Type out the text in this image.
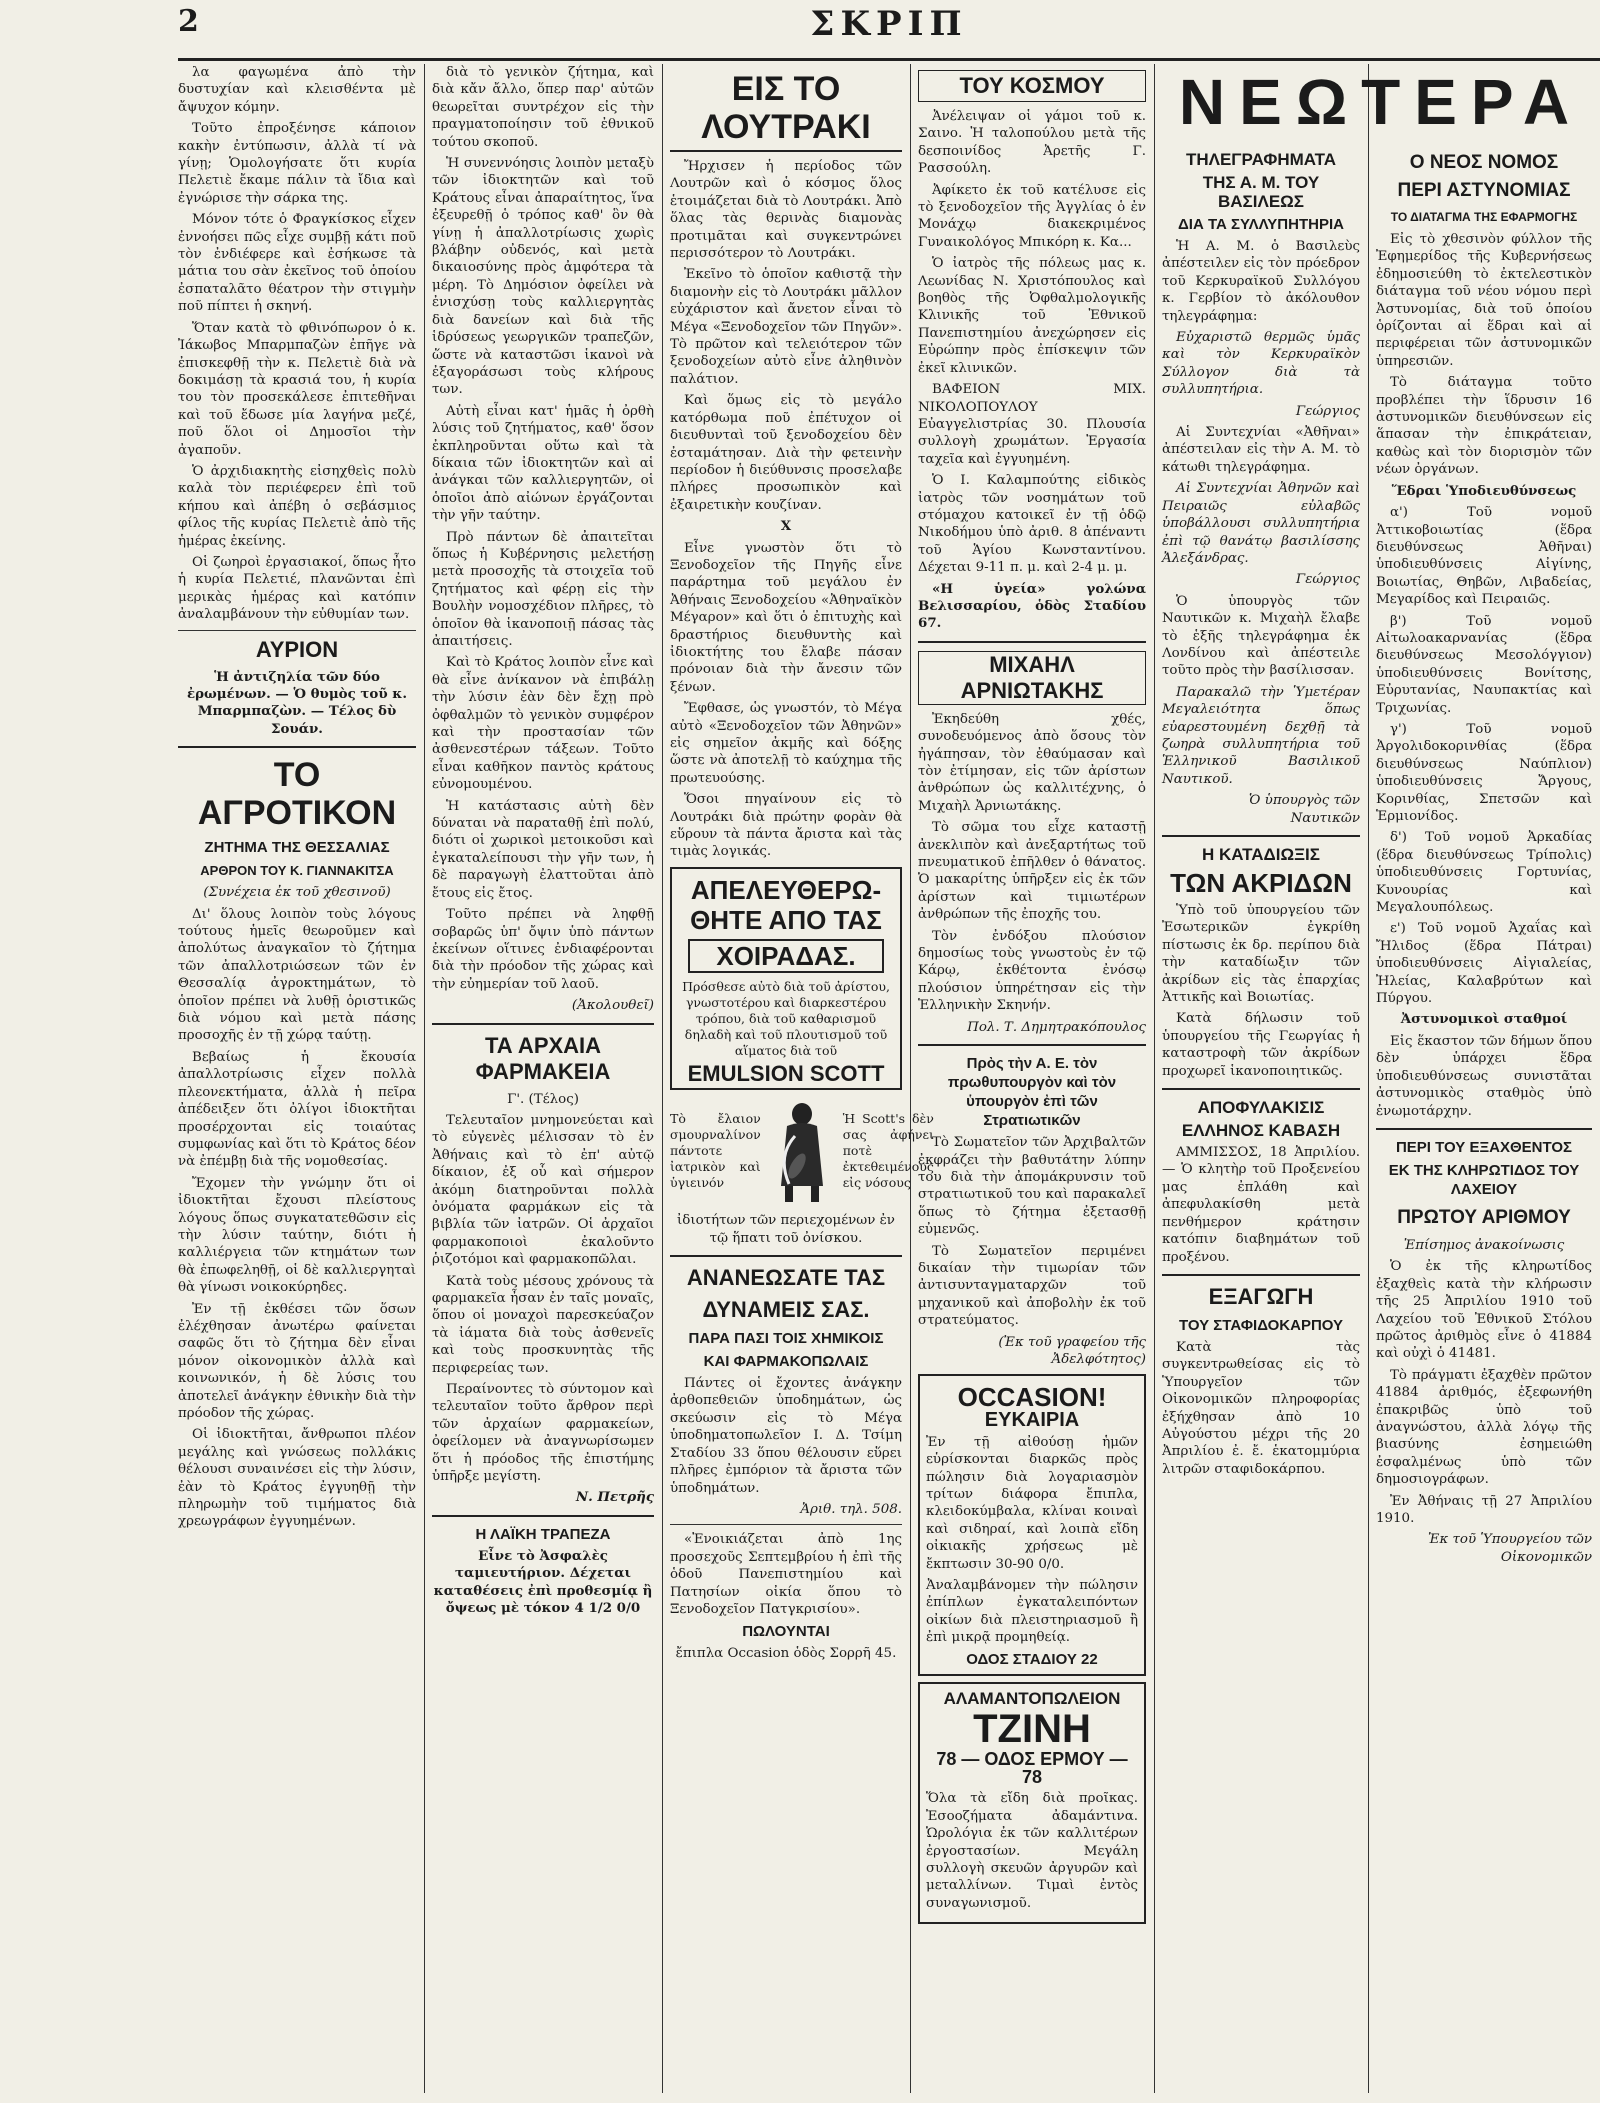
2	ΣΚΡΙΠ

λα φαγωμένα ἀπὸ τὴν δυστυχίαν καὶ κλεισθέντα μὲ ἄψυχον κόμην.

Τοῦτο ἐπροξένησε κάποιον κακὴν ἐντύπωσιν, ἀλλὰ τί νὰ γίνῃ; Ὁμολογήσατε ὅτι κυρία Πελετιὲ ἔκαμε πάλιν τὰ ἴδια καὶ ἐγνώρισε τὴν σάρκα της.

Μόνον τότε ὁ Φραγκίσκος εἶχεν ἐννοήσει πῶς εἶχε συμβῇ κάτι ποῦ τὸν ἐνδιέφερε καὶ ἐσήκωσε τὰ μάτια του σὰν ἐκεῖνος τοῦ ὁποίου ἐσπαταλᾶτο θέατρον τὴν στιγμὴν ποῦ πίπτει ἡ σκηνή.

Ὅταν κατὰ τὸ φθινόπωρον ὁ κ. Ἰάκωβος Μπαρμπαζὼν ἐπῆγε νὰ ἐπισκεφθῇ τὴν κ. Πελετιὲ διὰ νὰ δοκιμάσῃ τὰ κρασιά του, ἡ κυρία του τὸν προσεκάλεσε ἐπιτεθῆναι καὶ τοῦ ἔδωσε μία λαγήνα μεζέ, ποῦ ὅλοι οἱ Δημοσῖοι τὴν ἀγαποῦν.

Ὁ ἀρχιδιακητὴς εἰσηχθεὶς πολὺ καλὰ τὸν περιέφερεν ἐπὶ τοῦ κήπου καὶ ἀπέβη ὁ σεβάσμιος φίλος τῆς κυρίας Πελετιὲ ἀπὸ τῆς ἡμέρας ἐκείνης.

Οἱ ζωηροὶ ἐργασιακοί, ὅπως ἦτο ἡ κυρία Πελετιέ, πλανῶνται ἐπὶ μερικὰς ἡμέρας καὶ κατόπιν ἀναλαμβάνουν τὴν εὐθυμίαν των.

ΑΥΡΙΟΝ

Ἡ ἀντιζηλία τῶν δύο ἐρωμένων. — Ὁ θυμὸς τοῦ κ. Μπαρμπαζὼν. — Τέλος δὺ Σουάν.

ΤΟ ΑΓΡΟΤΙΚΟΝ
ΖΗΤΗΜΑ ΤΗΣ ΘΕΣΣΑΛΙΑΣ
ΑΡΘΡΟΝ ΤΟΥ Κ. ΓΙΑΝΝΑΚΙΤΣΑ

(Συνέχεια ἐκ τοῦ χθεσινοῦ)

Δι' ὅλους λοιπὸν τοὺς λόγους τούτους ἡμεῖς θεωροῦμεν καὶ ἀπολύτως ἀναγκαῖον τὸ ζήτημα τῶν ἀπαλλοτριώσεων τῶν ἐν Θεσσαλίᾳ ἀγροκτημάτων, τὸ ὁποῖον πρέπει νὰ λυθῇ ὁριστικῶς διὰ νόμου καὶ μετὰ πάσης προσοχῆς ἐν τῇ χώρᾳ ταύτῃ.

Βεβαίως ἡ ἔκουσία ἀπαλλοτρίωσις εἶχεν πολλὰ πλεονεκτήματα, ἀλλὰ ἡ πεῖρα ἀπέδειξεν ὅτι ὀλίγοι ἰδιοκτῆται προσέρχονται εἰς τοιαύτας συμφωνίας καὶ ὅτι τὸ Κράτος δέον νὰ ἐπέμβῃ διὰ τῆς νομοθεσίας.

Ἔχομεν τὴν γνώμην ὅτι οἱ ἰδιοκτῆται ἔχουσι πλείστους λόγους ὅπως συγκατατεθῶσιν εἰς τὴν λύσιν ταύτην, διότι ἡ καλλιέργεια τῶν κτημάτων των θὰ ἐπωφεληθῇ, οἱ δὲ καλλιεργηταὶ θὰ γίνωσι νοικοκύρηδες.

Ἐν τῇ ἐκθέσει τῶν ὅσων ἐλέχθησαν ἀνωτέρω φαίνεται σαφῶς ὅτι τὸ ζήτημα δὲν εἶναι μόνον οἰκονομικὸν ἀλλὰ καὶ κοινωνικόν, ἡ δὲ λύσις του ἀποτελεῖ ἀνάγκην ἐθνικὴν διὰ τὴν πρόοδον τῆς χώρας.

Οἱ ἰδιοκτῆται, ἄνθρωποι πλέον μεγάλης καὶ γνώσεως πολλάκις θέλουσι συναινέσει εἰς τὴν λύσιν, ἐὰν τὸ Κράτος ἐγγυηθῇ τὴν πληρωμὴν τοῦ τιμήματος διὰ χρεωγράφων ἐγγυημένων.

διὰ τὸ γενικὸν ζήτημα, καὶ διὰ κἄν ἄλλο, ὅπερ παρ' αὐτῶν θεωρεῖται συντρέχον εἰς τὴν πραγματοποίησιν τοῦ ἐθνικοῦ τούτου σκοποῦ.

Ἡ συνεννόησις λοιπὸν μεταξὺ τῶν ἰδιοκτητῶν καὶ τοῦ Κράτους εἶναι ἀπαραίτητος, ἵνα ἐξευρεθῇ ὁ τρόπος καθ' ὃν θὰ γίνῃ ἡ ἀπαλλοτρίωσις χωρὶς βλάβην οὐδενός, καὶ μετὰ δικαιοσύνης πρὸς ἀμφότερα τὰ μέρη. Τὸ Δημόσιον ὀφείλει νὰ ἐνισχύσῃ τοὺς καλλιεργητὰς διὰ δανείων καὶ διὰ τῆς ἱδρύσεως γεωργικῶν τραπεζῶν, ὥστε νὰ καταστῶσι ἱκανοὶ νὰ ἐξαγοράσωσι τοὺς κλήρους των.

Αὐτὴ εἶναι κατ' ἡμᾶς ἡ ὀρθὴ λύσις τοῦ ζητήματος, καθ' ὅσον ἐκπληροῦνται οὕτω καὶ τὰ δίκαια τῶν ἰδιοκτητῶν καὶ αἱ ἀνάγκαι τῶν καλλιεργητῶν, οἱ ὁποῖοι ἀπὸ αἰώνων ἐργάζονται τὴν γῆν ταύτην.

Πρὸ πάντων δὲ ἀπαιτεῖται ὅπως ἡ Κυβέρνησις μελετήσῃ μετὰ προσοχῆς τὰ στοιχεῖα τοῦ ζητήματος καὶ φέρῃ εἰς τὴν Βουλὴν νομοσχέδιον πλῆρες, τὸ ὁποῖον θὰ ἱκανοποιῇ πάσας τὰς ἀπαιτήσεις.

Καὶ τὸ Κράτος λοιπὸν εἶνε καὶ θὰ εἶνε ἀνίκανον νὰ ἐπιβάλῃ τὴν λύσιν ἐὰν δὲν ἔχῃ πρὸ ὀφθαλμῶν τὸ γενικὸν συμφέρον καὶ τὴν προστασίαν τῶν ἀσθενεστέρων τάξεων. Τοῦτο εἶναι καθῆκον παντὸς κράτους εὐνομουμένου.

Ἡ κατάστασις αὐτὴ δὲν δύναται νὰ παραταθῇ ἐπὶ πολύ, διότι οἱ χωρικοὶ μετοικοῦσι καὶ ἐγκαταλείπουσι τὴν γῆν των, ἡ δὲ παραγωγὴ ἐλαττοῦται ἀπὸ ἔτους εἰς ἔτος.

Τοῦτο πρέπει νὰ ληφθῇ σοβαρῶς ὑπ' ὄψιν ὑπὸ πάντων ἐκείνων οἵτινες ἐνδιαφέρονται διὰ τὴν πρόοδον τῆς χώρας καὶ τὴν εὐημερίαν τοῦ λαοῦ.

(Ἀκολουθεῖ)

ΤΑ ΑΡΧΑΙΑ ΦΑΡΜΑΚΕΙΑ

Γ'. (Τέλος)

Τελευταῖον μνημονεύεται καὶ τὸ εὐγενὲς μέλισσαν τὸ ἐν Ἀθήναις καὶ τὸ ἐπ' αὐτῷ δίκαιον, ἐξ οὗ καὶ σήμερον ἀκόμη διατηροῦνται πολλὰ ὀνόματα φαρμάκων εἰς τὰ βιβλία τῶν ἰατρῶν. Οἱ ἀρχαῖοι φαρμακοποιοὶ ἐκαλοῦντο ῥιζοτόμοι καὶ φαρμακοπῶλαι.

Κατὰ τοὺς μέσους χρόνους τὰ φαρμακεῖα ἦσαν ἐν ταῖς μοναῖς, ὅπου οἱ μοναχοὶ παρεσκεύαζον τὰ ἰάματα διὰ τοὺς ἀσθενεῖς καὶ τοὺς προσκυνητὰς τῆς περιφερείας των.

Περαίνοντες τὸ σύντομον καὶ τελευταῖον τοῦτο ἄρθρον περὶ τῶν ἀρχαίων φαρμακείων, ὀφείλομεν νὰ ἀναγνωρίσωμεν ὅτι ἡ πρόοδος τῆς ἐπιστήμης ὑπῆρξε μεγίστη.

Ν. Πετρῆς

Η ΛΑΪΚΗ ΤΡΑΠΕΖΑ

Εἶνε τὸ Ἀσφαλὲς ταμιευτήριον. Δέχεται καταθέσεις ἐπὶ προθεσμίᾳ ἢ ὄψεως μὲ τόκον 4 1/2 0/0

ΕΙΣ ΤΟ ΛΟΥΤΡΑΚΙ

Ἤρχισεν ἡ περίοδος τῶν Λουτρῶν καὶ ὁ κόσμος ὅλος ἑτοιμάζεται διὰ τὸ Λουτράκι. Ἀπὸ ὅλας τὰς θερινὰς διαμονὰς προτιμᾶται καὶ συγκεντρώνει περισσότερον τὸ Λουτράκι.

Ἐκεῖνο τὸ ὁποῖον καθιστᾷ τὴν διαμονὴν εἰς τὸ Λουτράκι μᾶλλον εὐχάριστον καὶ ἄνετον εἶναι τὸ Μέγα «Ξενοδοχεῖον τῶν Πηγῶν». Τὸ πρῶτον καὶ τελειότερον τῶν ξενοδοχείων αὐτὸ εἶνε ἀληθινὸν παλάτιον.

Καὶ ὅμως εἰς τὸ μεγάλο κατόρθωμα ποῦ ἐπέτυχον οἱ διευθυνταὶ τοῦ ξενοδοχείου δὲν ἐσταμάτησαν. Διὰ τὴν φετεινὴν περίοδον ἡ διεύθυνσις προσελαβε πλήρες προσωπικὸν καὶ ἐξαιρετικὴν κουζίναν.

Χ

Εἶνε γνωστὸν ὅτι τὸ Ξενοδοχεῖον τῆς Πηγῆς εἶνε παράρτημα τοῦ μεγάλου ἐν Ἀθήναις Ξενοδοχείου «Ἀθηναϊκὸν Μέγαρον» καὶ ὅτι ὁ ἐπιτυχὴς καὶ δραστήριος διευθυντὴς καὶ ἰδιοκτήτης του ἔλαβε πάσαν πρόνοιαν διὰ τὴν ἄνεσιν τῶν ξένων.

Ἔφθασε, ὡς γνωστόν, τὸ Μέγα αὐτὸ «Ξενοδοχεῖον τῶν Ἀθηνῶν» εἰς σημεῖον ἀκμῆς καὶ δόξης ὥστε νὰ ἀποτελῇ τὸ καύχημα τῆς πρωτευούσης.

Ὅσοι πηγαίνουν εἰς τὸ Λουτράκι διὰ πρώτην φορὰν θὰ εὕρουν τὰ πάντα ἄριστα καὶ τὰς τιμὰς λογικάς.

ΑΠΕΛΕΥΘΕΡΩ-
ΘΗΤΕ ΑΠΟ ΤΑΣ
ΧΟΙΡΑΔΑΣ.

Πρόσθεσε αὐτὸ διὰ τοῦ ἀρίστου, γνωστοτέρου καὶ διαρκεστέρου τρόπου, διὰ τοῦ καθαρισμοῦ δηλαδὴ καὶ τοῦ πλουτισμοῦ τοῦ αἵματος διὰ τοῦ

EMULSION SCOTT
Τὸ ἔλαιον σμουρναλίνον πάντοτε ἰατρικὸν καὶ ὑγιεινόν
Ἡ Scott's δὲν σας ἀφήνει ποτὲ ἐκτεθειμένους εἰς νόσους

ἰδιοτήτων τῶν περιεχομένων ἐν τῷ ἥπατι τοῦ ὀνίσκου.

ΑΝΑΝΕΩΣΑΤΕ ΤΑΣ
ΔΥΝΑΜΕΙΣ ΣΑΣ.
ΠΑΡΑ ΠΑΣΙ ΤΟΙΣ ΧΗΜΙΚΟΙΣ
ΚΑΙ ΦΑΡΜΑΚΟΠΩΛΑΙΣ

Πάντες οἱ ἔχοντες ἀνάγκην ἀρθοπεθειῶν ὑποδημάτων, ὡς σκεύωσιν εἰς τὸ Μέγα ὑποδηματοπωλεῖον Ι. Δ. Τσίμη Σταδίου 33 ὅπου θέλουσιν εὕρει πλῆρες ἐμπόριον τὰ ἄριστα τῶν ὑποδημάτων.

Ἀριθ. τηλ. 508.

«Ἐνοικιάζεται ἀπὸ 1ης προσεχοῦς Σεπτεμβρίου ἡ ἐπὶ τῆς ὁδοῦ Πανεπιστημίου καὶ Πατησίων οἰκία ὅπου τὸ Ξενοδοχεῖον Πατγκρισίου».

ΠΩΛΟΥΝΤΑΙ

ἔπιπλα Occasion ὁδὸς Σορρῆ 45.

ΤΟΥ ΚΟΣΜΟΥ

Ἀνέλειψαν οἱ γάμοι τοῦ κ. Σαινο. Ἠ ταλοπούλου μετὰ τῆς δεσποινίδος Ἀρετῆς Γ. Ρασσούλη.

Ἀφίκετο ἐκ τοῦ κατέλυσε εἰς τὸ ξενοδοχεῖον τῆς Ἀγγλίας ὁ ἐν Μονάχῳ διακεκριμένος Γυναικολόγος Μπικόρη κ. Κα...

Ὁ ἰατρὸς τῆς πόλεως μας κ. Λεωνίδας Ν. Χριστόπουλος καὶ βοηθὸς τῆς Ὀφθαλμολογικῆς Κλινικῆς τοῦ Ἐθνικοῦ Πανεπιστημίου ἀνεχώρησεν εἰς Εὐρώπην πρὸς ἐπίσκεψιν τῶν ἐκεῖ κλινικῶν.

ΒΑΦΕΙΟΝ ΜΙΧ. ΝΙΚΟΛΟΠΟΥΛΟΥ Εὐαγγελιστρίας 30. Πλουσία συλλογὴ χρωμάτων. Ἐργασία ταχεῖα καὶ ἐγγυημένη.

Ὁ Ι. Καλαμπούτης εἰδικὸς ἰατρὸς τῶν νοσημάτων τοῦ στόμαχου κατοικεῖ ἐν τῇ ὁδῷ Νικοδήμου ὑπὸ ἀριθ. 8 ἀπέναντι τοῦ Ἁγίου Κωνσταντίνου. Δέχεται 9-11 π. μ. καὶ 2-4 μ. μ.

«Η ὑγεία» γολώνα Βελισσαρίου, ὁδὸς Σταδίου 67.

ΜΙΧΑΗΛ ΑΡΝΙΩΤΑΚΗΣ

Ἐκηδεύθη χθές, συνοδευόμενος ἀπὸ ὅσους τὸν ἠγάπησαν, τὸν ἐθαύμασαν καὶ τὸν ἐτίμησαν, εἰς τῶν ἀρίστων ἀνθρώπων ὡς καλλιτέχνης, ὁ Μιχαὴλ Ἀρνιωτάκης.

Τὸ σῶμα του εἶχε καταστῇ ἀνεκλιπὸν καὶ ἀνεξαρτήτως τοῦ πνευματικοῦ ἐπῆλθεν ὁ θάνατος. Ὁ μακαρίτης ὑπῆρξεν εἰς ἐκ τῶν ἀρίστων καὶ τιμιωτέρων ἀνθρώπων τῆς ἐποχῆς του.

Τὸν ἐνδόξου πλούσιον δημοσίως τοὺς γνωστοὺς ἐν τῷ Κάρῳ, ἐκθέτοντα ἐνόσῳ πλούσιον ὑπηρέτησαν εἰς τὴν Ἑλληνικὴν Σκηνήν.

Πολ. Τ. Δημητρακόπουλος

Πρὸς τὴν Α. Ε. τὸν πρωθυπουργὸν καὶ τὸν ὑπουργὸν ἐπὶ τῶν Στρατιωτικῶν

Τὸ Σωματεῖον τῶν Ἀρχιβαλτῶν ἐκφράζει τὴν βαθυτάτην λύπην του διὰ τὴν ἀπομάκρυνσιν τοῦ στρατιωτικοῦ του καὶ παρακαλεῖ ὅπως τὸ ζήτημα ἐξετασθῇ εὐμενῶς.

Τὸ Σωματεῖον περιμένει δικαίαν τὴν τιμωρίαν τῶν ἀντισυνταγματαρχῶν τοῦ μηχανικοῦ καὶ ἀποβολὴν ἐκ τοῦ στρατεύματος.

(Ἐκ τοῦ γραφείου τῆς Ἀδελφότητος)

OCCASION!
ΕΥΚΑΙΡΙΑ

Ἐν τῇ αἰθούσῃ ἡμῶν εὑρίσκονται διαρκῶς πρὸς πώλησιν διὰ λογαριασμὸν τρίτων διάφορα ἔπιπλα, κλειδοκύμβαλα, κλίναι κοιναὶ καὶ σιδηραί, καὶ λοιπὰ εἴδη οἰκιακῆς χρήσεως μὲ ἔκπτωσιν 30-90 0/0.

Ἀναλαμβάνομεν τὴν πώλησιν ἐπίπλων ἐγκαταλειπόντων οἰκίων διὰ πλειστηριασμοῦ ἢ ἐπὶ μικρᾷ προμηθείᾳ.

ΟΔΟΣ ΣΤΑΔΙΟΥ 22
ΑΛΑΜΑΝΤΟΠΩΛΕΙΟΝ
ΤΖΙΝΗ
78 — ΟΔΟΣ ΕΡΜΟΥ — 78

Ὅλα τὰ εἴδη διὰ προῖκας. Ἐσοοζήματα ἀδαμάντινα. Ὡρολόγια ἐκ τῶν καλλιτέρων ἐργοστασίων. Μεγάλη συλλογὴ σκευῶν ἀργυρῶν καὶ μεταλλίνων. Τιμαὶ ἐντὸς συναγωνισμοῦ.

ΝΕΩΤΕΡΑ
ΤΗΛΕΓΡΑΦΗΜΑΤΑ
ΤΗΣ Α. Μ. ΤΟΥ ΒΑΣΙΛΕΩΣ
ΔΙΑ ΤΑ ΣΥΛΛΥΠΗΤΗΡΙΑ

Ἡ Α. Μ. ὁ Βασιλεὺς ἀπέστειλεν εἰς τὸν πρόεδρον τοῦ Κερκυραϊκοῦ Συλλόγου κ. Γερβίον τὸ ἀκόλουθον τηλεγράφημα:

Εὐχαριστῶ θερμῶς ὑμᾶς καὶ τὸν Κερκυραϊκὸν Σύλλογον διὰ τὰ συλλυπητήρια.

Γεώργιος

Αἱ Συντεχνίαι «Ἀθῆναι» ἀπέστειλαν εἰς τὴν Α. Μ. τὸ κάτωθι τηλεγράφημα.

Αἱ Συντεχνίαι Ἀθηνῶν καὶ Πειραιῶς εὐλαβῶς ὑποβάλλουσι συλλυπητήρια ἐπὶ τῷ θανάτῳ βασιλίσσης Ἀλεξάνδρας.

Γεώργιος

Ὁ ὑπουργὸς τῶν Ναυτικῶν κ. Μιχαὴλ ἔλαβε τὸ ἑξῆς τηλεγράφημα ἐκ Λονδίνου καὶ ἀπέστειλε τοῦτο πρὸς τὴν βασίλισσαν.

Παρακαλῶ τὴν Ὑμετέραν Μεγαλειότητα ὅπως εὐαρεστουμένη δεχθῇ τὰ ζωηρὰ συλλυπητήρια τοῦ Ἑλληνικοῦ Βασιλικοῦ Ναυτικοῦ.

Ὁ ὑπουργὸς τῶν Ναυτικῶν

Η ΚΑΤΑΔΙΩΞΙΣ
ΤΩΝ ΑΚΡΙΔΩΝ

Ὑπὸ τοῦ ὑπουργείου τῶν Ἐσωτερικῶν ἐγκρίθη πίστωσις ἐκ δρ. περίπου διὰ τὴν καταδίωξιν τῶν ἀκρίδων εἰς τὰς ἐπαρχίας Ἀττικῆς καὶ Βοιωτίας.

Κατὰ δήλωσιν τοῦ ὑπουργείου τῆς Γεωργίας ἡ καταστροφὴ τῶν ἀκρίδων προχωρεῖ ἱκανοποιητικῶς.

ΑΠΟΦΥΛΑΚΙΣΙΣ
ΕΛΛΗΝΟΣ ΚΑΒΑΣΗ

ΑΜΜΙΣΣΟΣ, 18 Ἀπριλίου. — Ὁ κλητὴρ τοῦ Προξενείου μας ἐπλάθη καὶ ἀπεφυλακίσθη μετὰ πενθήμερον κράτησιν κατόπιν διαβημάτων τοῦ προξένου.

ΕΞΑΓΩΓΗ
ΤΟΥ ΣΤΑΦΙΔΟΚΑΡΠΟΥ

Κατὰ τὰς συγκεντρωθείσας εἰς τὸ Ὑπουργεῖον τῶν Οἰκονομικῶν πληροφορίας ἐξήχθησαν ἀπὸ 10 Αὐγούστου μέχρι τῆς 20 Ἀπριλίου ἐ. ἔ. ἑκατομμύρια λιτρῶν σταφιδοκάρπου.

Ο ΝΕΟΣ ΝΟΜΟΣ
ΠΕΡΙ ΑΣΤΥΝΟΜΙΑΣ
ΤΟ ΔΙΑΤΑΓΜΑ ΤΗΣ ΕΦΑΡΜΟΓΗΣ

Εἰς τὸ χθεσινὸν φύλλον τῆς Ἐφημερίδος τῆς Κυβερνήσεως ἐδημοσιεύθη τὸ ἐκτελεστικὸν διάταγμα τοῦ νέου νόμου περὶ Ἀστυνομίας, διὰ τοῦ ὁποίου ὁρίζονται αἱ ἕδραι καὶ αἱ περιφέρειαι τῶν ἀστυνομικῶν ὑπηρεσιῶν.

Τὸ διάταγμα τοῦτο προβλέπει τὴν ἵδρυσιν 16 ἀστυνομικῶν διευθύνσεων εἰς ἅπασαν τὴν ἐπικράτειαν, καθὼς καὶ τὸν διορισμὸν τῶν νέων ὀργάνων.

Ἕδραι Ὑποδιευθύνσεως

α') Τοῦ νομοῦ Ἀττικοβοιωτίας (ἕδρα διευθύνσεως Ἀθῆναι) ὑποδιευθύνσεις Αἰγίνης, Βοιωτίας, Θηβῶν, Λιβαδείας, Μεγαρίδος καὶ Πειραιῶς.

β') Τοῦ νομοῦ Αἰτωλοακαρνανίας (ἕδρα διευθύνσεως Μεσολόγγιον) ὑποδιευθύνσεις Βονίτσης, Εὐρυτανίας, Ναυπακτίας καὶ Τριχωνίας.

γ') Τοῦ νομοῦ Ἀργολιδοκορινθίας (ἕδρα διευθύνσεως Ναύπλιον) ὑποδιευθύνσεις Ἄργους, Κορινθίας, Σπετσῶν καὶ Ἑρμιονίδος.

δ') Τοῦ νομοῦ Ἀρκαδίας (ἕδρα διευθύνσεως Τρίπολις) ὑποδιευθύνσεις Γορτυνίας, Κυνουρίας καὶ Μεγαλουπόλεως.

ε') Τοῦ νομοῦ Ἀχαΐας καὶ Ἤλιδος (ἕδρα Πάτραι) ὑποδιευθύνσεις Αἰγιαλείας, Ἠλείας, Καλαβρύτων καὶ Πύργου.

Ἀστυνομικοὶ σταθμοί

Εἰς ἕκαστον τῶν δήμων ὅπου δὲν ὑπάρχει ἕδρα ὑποδιευθύνσεως συνιστᾶται ἀστυνομικὸς σταθμὸς ὑπὸ ἐνωμοτάρχην.

ΠΕΡΙ ΤΟΥ ΕΞΑΧΘΕΝΤΟΣ
ΕΚ ΤΗΣ ΚΛΗΡΩΤΙΔΟΣ ΤΟΥ ΛΑΧΕΙΟΥ
ΠΡΩΤΟΥ ΑΡΙΘΜΟΥ

Ἐπίσημος ἀνακοίνωσις

Ὁ ἐκ τῆς κληρωτίδος ἐξαχθεὶς κατὰ τὴν κλήρωσιν τῆς 25 Ἀπριλίου 1910 τοῦ Λαχείου τοῦ Ἐθνικοῦ Στόλου πρῶτος ἀριθμὸς εἶνε ὁ 41884 καὶ οὐχὶ ὁ 41481.

Τὸ πράγματι ἐξαχθὲν πρῶτον 41884 ἀριθμός, ἐξεφωνήθη ἐπακριβῶς ὑπὸ τοῦ ἀναγνώστου, ἀλλὰ λόγῳ τῆς βιασύνης ἐσημειώθη ἐσφαλμένως ὑπὸ τῶν δημοσιογράφων.

Ἐν Ἀθήναις τῇ 27 Ἀπριλίου 1910.

Ἐκ τοῦ Ὑπουργείου τῶν Οἰκονομικῶν
